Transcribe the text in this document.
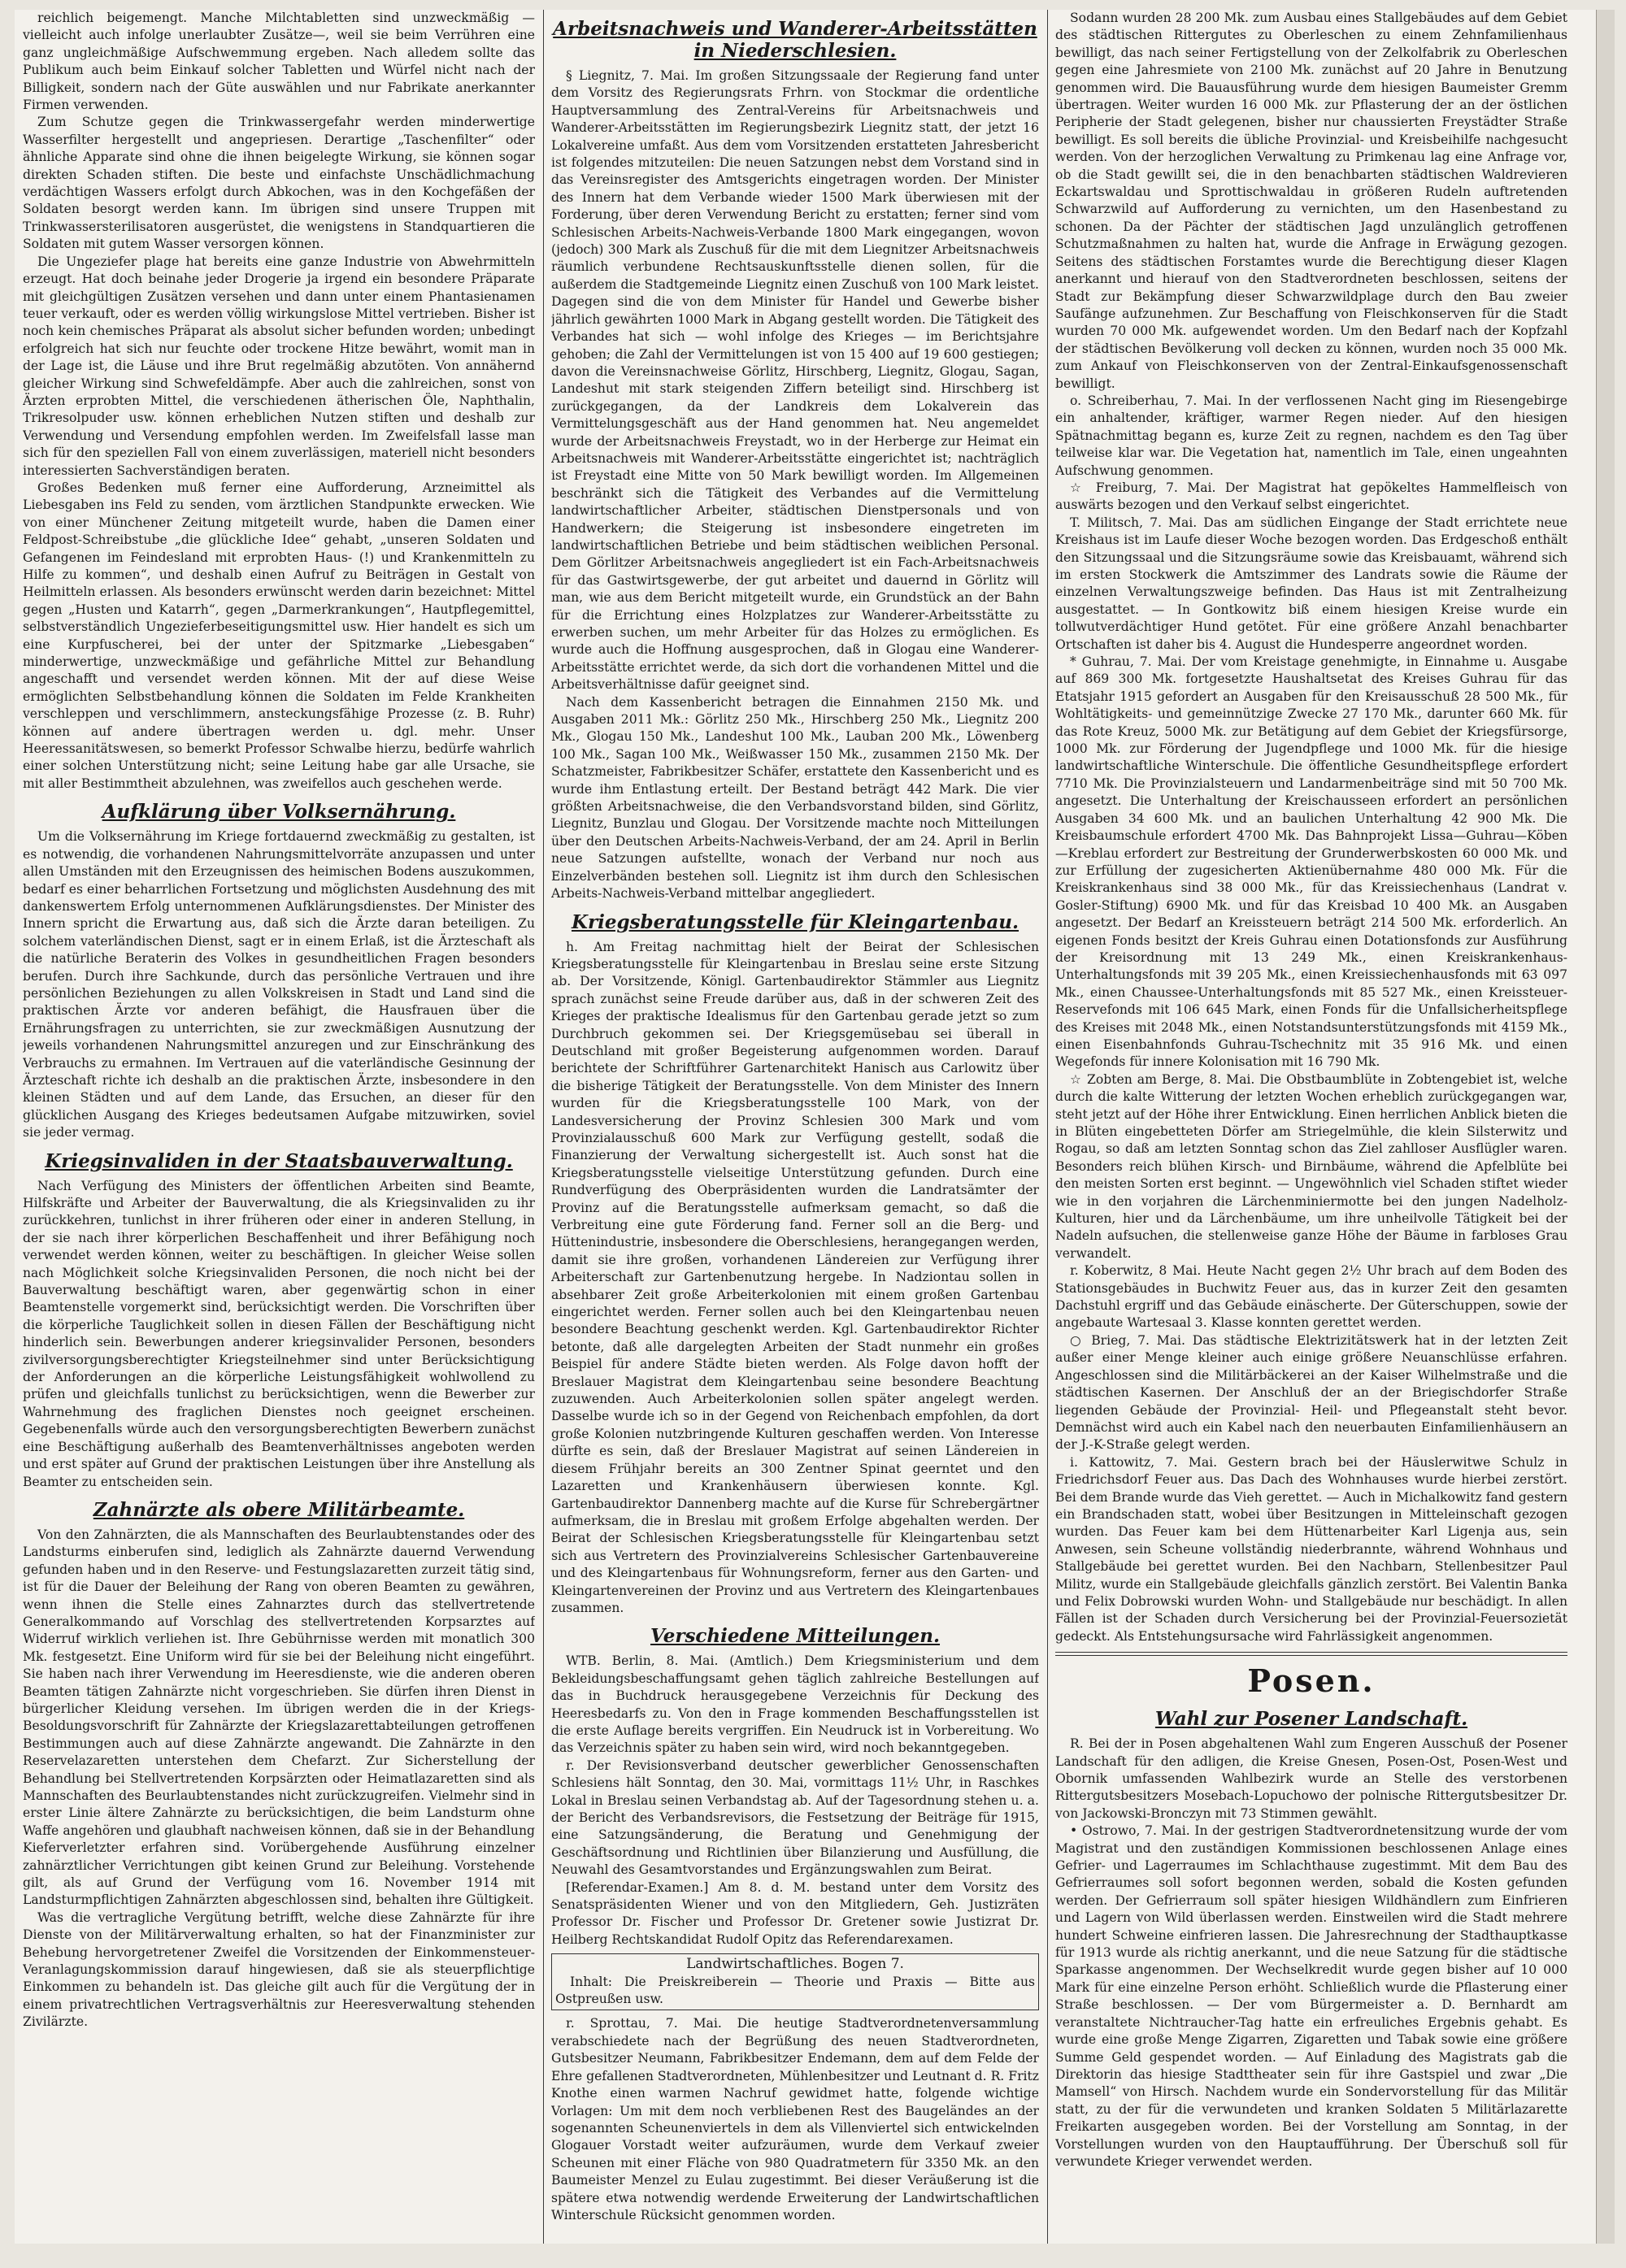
reichlich beigemengt. Manche Milchtabletten sind unzweckmäßig — vielleicht auch infolge unerlaubter Zusätze—, weil sie beim Verrühren eine ganz ungleichmäßige Aufschwemmung ergeben. Nach alledem sollte das Publikum auch beim Einkauf solcher Tabletten und Würfel nicht nach der Billigkeit, sondern nach der Güte auswählen und nur Fabrikate anerkannter Firmen verwenden.

Zum Schutze gegen die Trinkwassergefahr werden minderwertige Wasserfilter hergestellt und angepriesen. Derartige „Taschenfilter“ oder ähnliche Apparate sind ohne die ihnen beigelegte Wirkung, sie können sogar direkten Schaden stiften. Die beste und einfachste Unschädlichmachung verdächtigen Wassers erfolgt durch Abkochen, was in den Kochgefäßen der Soldaten besorgt werden kann. Im übrigen sind unsere Truppen mit Trinkwassersterilisatoren ausgerüstet, die wenigstens in Standquartieren die Soldaten mit gutem Wasser versorgen können.

Die Ungeziefer plage hat bereits eine ganze Industrie von Abwehrmitteln erzeugt. Hat doch beinahe jeder Drogerie ja irgend ein besondere Präparate mit gleichgültigen Zusätzen versehen und dann unter einem Phantasienamen teuer verkauft, oder es werden völlig wirkungslose Mittel vertrieben. Bisher ist noch kein chemisches Präparat als absolut sicher befunden worden; unbedingt erfolgreich hat sich nur feuchte oder trockene Hitze bewährt, womit man in der Lage ist, die Läuse und ihre Brut regelmäßig abzutöten. Von annähernd gleicher Wirkung sind Schwefeldämpfe. Aber auch die zahlreichen, sonst von Ärzten erprobten Mittel, die verschiedenen ätherischen Öle, Naphthalin, Trikresolpuder usw. können erheblichen Nutzen stiften und deshalb zur Verwendung und Versendung empfohlen werden. Im Zweifelsfall lasse man sich für den speziellen Fall von einem zuverlässigen, materiell nicht besonders interessierten Sachverständigen beraten.

Großes Bedenken muß ferner eine Aufforderung, Arzneimittel als Liebesgaben ins Feld zu senden, vom ärztlichen Standpunkte erwecken. Wie von einer Münchener Zeitung mitgeteilt wurde, haben die Damen einer Feldpost-Schreibstube „die glückliche Idee“ gehabt, „unseren Soldaten und Gefangenen im Feindesland mit erprobten Haus- (!) und Krankenmitteln zu Hilfe zu kommen“, und deshalb einen Aufruf zu Beiträgen in Gestalt von Heilmitteln erlassen. Als besonders erwünscht werden darin bezeichnet: Mittel gegen „Husten und Katarrh“, gegen „Darmerkrankungen“, Hautpflegemittel, selbstverständlich Ungezieferbeseitigungsmittel usw. Hier handelt es sich um eine Kurpfuscherei, bei der unter der Spitzmarke „Liebesgaben“ minderwertige, unzweckmäßige und gefährliche Mittel zur Behandlung angeschafft und versendet werden können. Mit der auf diese Weise ermöglichten Selbstbehandlung können die Soldaten im Felde Krankheiten verschleppen und verschlimmern, ansteckungsfähige Prozesse (z. B. Ruhr) können auf andere übertragen werden u. dgl. mehr. Unser Heeressanitätswesen, so bemerkt Professor Schwalbe hierzu, bedürfe wahrlich einer solchen Unterstützung nicht; seine Leitung habe gar alle Ursache, sie mit aller Bestimmtheit abzulehnen, was zweifellos auch geschehen werde.

Aufklärung über Volksernährung.

Um die Volksernährung im Kriege fortdauernd zweckmäßig zu gestalten, ist es notwendig, die vorhandenen Nahrungsmittelvorräte anzupassen und unter allen Umständen mit den Erzeugnissen des heimischen Bodens auszukommen, bedarf es einer beharrlichen Fortsetzung und möglichsten Ausdehnung des mit dankenswertem Erfolg unternommenen Aufklärungsdienstes. Der Minister des Innern spricht die Erwartung aus, daß sich die Ärzte daran beteiligen. Zu solchem vaterländischen Dienst, sagt er in einem Erlaß, ist die Ärzteschaft als die natürliche Beraterin des Volkes in gesundheitlichen Fragen besonders berufen. Durch ihre Sachkunde, durch das persönliche Vertrauen und ihre persönlichen Beziehungen zu allen Volkskreisen in Stadt und Land sind die praktischen Ärzte vor anderen befähigt, die Hausfrauen über die Ernährungsfragen zu unterrichten, sie zur zweckmäßigen Ausnutzung der jeweils vorhandenen Nahrungsmittel anzuregen und zur Einschränkung des Verbrauchs zu ermahnen. Im Vertrauen auf die vaterländische Gesinnung der Ärzteschaft richte ich deshalb an die praktischen Ärzte, insbesondere in den kleinen Städten und auf dem Lande, das Ersuchen, an dieser für den glücklichen Ausgang des Krieges bedeutsamen Aufgabe mitzuwirken, soviel sie jeder vermag.

Kriegsinvaliden in der Staatsbauverwaltung.

Nach Verfügung des Ministers der öffentlichen Arbeiten sind Beamte, Hilfskräfte und Arbeiter der Bauverwaltung, die als Kriegsinvaliden zu ihr zurückkehren, tunlichst in ihrer früheren oder einer in anderen Stellung, in der sie nach ihrer körperlichen Beschaffenheit und ihrer Befähigung noch verwendet werden können, weiter zu beschäftigen. In gleicher Weise sollen nach Möglichkeit solche Kriegsinvaliden Personen, die noch nicht bei der Bauverwaltung beschäftigt waren, aber gegenwärtig schon in einer Beamtenstelle vorgemerkt sind, berücksichtigt werden. Die Vorschriften über die körperliche Tauglichkeit sollen in diesen Fällen der Beschäftigung nicht hinderlich sein. Bewerbungen anderer kriegsinvalider Personen, besonders zivilversorgungsberechtigter Kriegsteilnehmer sind unter Berücksichtigung der Anforderungen an die körperliche Leistungsfähigkeit wohlwollend zu prüfen und gleichfalls tunlichst zu berücksichtigen, wenn die Bewerber zur Wahrnehmung des fraglichen Dienstes noch geeignet erscheinen. Gegebenenfalls würde auch den versorgungsberechtigten Bewerbern zunächst eine Beschäftigung außerhalb des Beamtenverhältnisses angeboten werden und erst später auf Grund der praktischen Leistungen über ihre Anstellung als Beamter zu entscheiden sein.

Zahnärzte als obere Militärbeamte.

Von den Zahnärzten, die als Mannschaften des Beurlaubtenstandes oder des Landsturms einberufen sind, lediglich als Zahnärzte dauernd Verwendung gefunden haben und in den Reserve- und Festungslazaretten zurzeit tätig sind, ist für die Dauer der Beleihung der Rang von oberen Beamten zu gewähren, wenn ihnen die Stelle eines Zahnarztes durch das stellvertretende Generalkommando auf Vorschlag des stellvertretenden Korpsarztes auf Widerruf wirklich verliehen ist. Ihre Gebührnisse werden mit monatlich 300 Mk. festgesetzt. Eine Uniform wird für sie bei der Beleihung nicht eingeführt. Sie haben nach ihrer Verwendung im Heeresdienste, wie die anderen oberen Beamten tätigen Zahnärzte nicht vorgeschrieben. Sie dürfen ihren Dienst in bürgerlicher Kleidung versehen. Im übrigen werden die in der Kriegs-Besoldungsvorschrift für Zahnärzte der Kriegslazarettabteilungen getroffenen Bestimmungen auch auf diese Zahnärzte angewandt. Die Zahnärzte in den Reservelazaretten unterstehen dem Chefarzt. Zur Sicherstellung der Behandlung bei Stellvertretenden Korpsärzten oder Heimatlazaretten sind als Mannschaften des Beurlaubtenstandes nicht zurückzugreifen. Vielmehr sind in erster Linie ältere Zahnärzte zu berücksichtigen, die beim Landsturm ohne Waffe angehören und glaubhaft nachweisen können, daß sie in der Behandlung Kieferverletzter erfahren sind. Vorübergehende Ausführung einzelner zahnärztlicher Verrichtungen gibt keinen Grund zur Beleihung. Vorstehende gilt, als auf Grund der Verfügung vom 16. November 1914 mit Landsturmpflichtigen Zahnärzten abgeschlossen sind, behalten ihre Gültigkeit.

Was die vertragliche Vergütung betrifft, welche diese Zahnärzte für ihre Dienste von der Militärverwaltung erhalten, so hat der Finanzminister zur Behebung hervorgetretener Zweifel die Vorsitzenden der Einkommensteuer-Veranlagungskommission darauf hingewiesen, daß sie als steuerpflichtige Einkommen zu behandeln ist. Das gleiche gilt auch für die Vergütung der in einem privatrechtlichen Vertragsverhältnis zur Heeresverwaltung stehenden Zivilärzte.

Arbeitsnachweis und Wanderer-Arbeitsstätten in Niederschlesien.

§ Liegnitz, 7. Mai. Im großen Sitzungssaale der Regierung fand unter dem Vorsitz des Regierungsrats Frhrn. von Stockmar die ordentliche Hauptversammlung des Zentral-Vereins für Arbeitsnachweis und Wanderer-Arbeitsstätten im Regierungsbezirk Liegnitz statt, der jetzt 16 Lokalvereine umfaßt. Aus dem vom Vorsitzenden erstatteten Jahresbericht ist folgendes mitzuteilen: Die neuen Satzungen nebst dem Vorstand sind in das Vereinsregister des Amtsgerichts eingetragen worden. Der Minister des Innern hat dem Verbande wieder 1500 Mark überwiesen mit der Forderung, über deren Verwendung Bericht zu erstatten; ferner sind vom Schlesischen Arbeits-Nachweis-Verbande 1800 Mark eingegangen, wovon (jedoch) 300 Mark als Zuschuß für die mit dem Liegnitzer Arbeitsnachweis räumlich verbundene Rechtsauskunftsstelle dienen sollen, für die außerdem die Stadtgemeinde Liegnitz einen Zuschuß von 100 Mark leistet. Dagegen sind die von dem Minister für Handel und Gewerbe bisher jährlich gewährten 1000 Mark in Abgang gestellt worden. Die Tätigkeit des Verbandes hat sich — wohl infolge des Krieges — im Berichtsjahre gehoben; die Zahl der Vermittelungen ist von 15 400 auf 19 600 gestiegen; davon die Vereinsnachweise Görlitz, Hirschberg, Liegnitz, Glogau, Sagan, Landeshut mit stark steigenden Ziffern beteiligt sind. Hirschberg ist zurückgegangen, da der Landkreis dem Lokalverein das Vermittelungsgeschäft aus der Hand genommen hat. Neu angemeldet wurde der Arbeitsnachweis Freystadt, wo in der Herberge zur Heimat ein Arbeitsnachweis mit Wanderer-Arbeitsstätte eingerichtet ist; nachträglich ist Freystadt eine Mitte von 50 Mark bewilligt worden. Im Allgemeinen beschränkt sich die Tätigkeit des Verbandes auf die Vermittelung landwirtschaftlicher Arbeiter, städtischen Dienstpersonals und von Handwerkern; die Steigerung ist insbesondere eingetreten im landwirtschaftlichen Betriebe und beim städtischen weiblichen Personal. Dem Görlitzer Arbeitsnachweis angegliedert ist ein Fach-Arbeitsnachweis für das Gastwirtsgewerbe, der gut arbeitet und dauernd in Görlitz will man, wie aus dem Bericht mitgeteilt wurde, ein Grundstück an der Bahn für die Errichtung eines Holzplatzes zur Wanderer-Arbeitsstätte zu erwerben suchen, um mehr Arbeiter für das Holzes zu ermöglichen. Es wurde auch die Hoffnung ausgesprochen, daß in Glogau eine Wanderer-Arbeitsstätte errichtet werde, da sich dort die vorhandenen Mittel und die Arbeitsverhältnisse dafür geeignet sind.

Nach dem Kassenbericht betragen die Einnahmen 2150 Mk. und Ausgaben 2011 Mk.: Görlitz 250 Mk., Hirschberg 250 Mk., Liegnitz 200 Mk., Glogau 150 Mk., Landeshut 100 Mk., Lauban 200 Mk., Löwenberg 100 Mk., Sagan 100 Mk., Weißwasser 150 Mk., zusammen 2150 Mk. Der Schatzmeister, Fabrikbesitzer Schäfer, erstattete den Kassenbericht und es wurde ihm Entlastung erteilt. Der Bestand beträgt 442 Mark. Die vier größten Arbeitsnachweise, die den Verbandsvorstand bilden, sind Görlitz, Liegnitz, Bunzlau und Glogau. Der Vorsitzende machte noch Mitteilungen über den Deutschen Arbeits-Nachweis-Verband, der am 24. April in Berlin neue Satzungen aufstellte, wonach der Verband nur noch aus Einzelverbänden bestehen soll. Liegnitz ist ihm durch den Schlesischen Arbeits-Nachweis-Verband mittelbar angegliedert.

Kriegsberatungsstelle für Kleingartenbau.

h. Am Freitag nachmittag hielt der Beirat der Schlesischen Kriegsberatungsstelle für Kleingartenbau in Breslau seine erste Sitzung ab. Der Vorsitzende, Königl. Gartenbaudirektor Stämmler aus Liegnitz sprach zunächst seine Freude darüber aus, daß in der schweren Zeit des Krieges der praktische Idealismus für den Gartenbau gerade jetzt so zum Durchbruch gekommen sei. Der Kriegsgemüsebau sei überall in Deutschland mit großer Begeisterung aufgenommen worden. Darauf berichtete der Schriftführer Gartenarchitekt Hanisch aus Carlowitz über die bisherige Tätigkeit der Beratungsstelle. Von dem Minister des Innern wurden für die Kriegsberatungsstelle 100 Mark, von der Landesversicherung der Provinz Schlesien 300 Mark und vom Provinzialausschuß 600 Mark zur Verfügung gestellt, sodaß die Finanzierung der Verwaltung sichergestellt ist. Auch sonst hat die Kriegsberatungsstelle vielseitige Unterstützung gefunden. Durch eine Rundverfügung des Oberpräsidenten wurden die Landratsämter der Provinz auf die Beratungsstelle aufmerksam gemacht, so daß die Verbreitung eine gute Förderung fand. Ferner soll an die Berg- und Hüttenindustrie, insbesondere die Oberschlesiens, herangegangen werden, damit sie ihre großen, vorhandenen Ländereien zur Verfügung ihrer Arbeiterschaft zur Gartenbenutzung hergebe. In Nadziontau sollen in absehbarer Zeit große Arbeiterkolonien mit einem großen Gartenbau eingerichtet werden. Ferner sollen auch bei den Kleingartenbau neuen besondere Beachtung geschenkt werden. Kgl. Gartenbaudirektor Richter betonte, daß alle dargelegten Arbeiten der Stadt nunmehr ein großes Beispiel für andere Städte bieten werden. Als Folge davon hofft der Breslauer Magistrat dem Kleingartenbau seine besondere Beachtung zuzuwenden. Auch Arbeiterkolonien sollen später angelegt werden. Dasselbe wurde ich so in der Gegend von Reichenbach empfohlen, da dort große Kolonien nutzbringende Kulturen geschaffen werden. Von Interesse dürfte es sein, daß der Breslauer Magistrat auf seinen Ländereien in diesem Frühjahr bereits an 300 Zentner Spinat geerntet und den Lazaretten und Krankenhäusern überwiesen konnte. Kgl. Gartenbaudirektor Dannenberg machte auf die Kurse für Schrebergärtner aufmerksam, die in Breslau mit großem Erfolge abgehalten werden. Der Beirat der Schlesischen Kriegsberatungsstelle für Kleingartenbau setzt sich aus Vertretern des Provinzialvereins Schlesischer Gartenbauvereine und des Kleingartenbaus für Wohnungsreform, ferner aus den Garten- und Kleingartenvereinen der Provinz und aus Vertretern des Kleingartenbaues zusammen.

Verschiedene Mitteilungen.

WTB. Berlin, 8. Mai. (Amtlich.) Dem Kriegsministerium und dem Bekleidungsbeschaffungsamt gehen täglich zahlreiche Bestellungen auf das in Buchdruck herausgegebene Verzeichnis für Deckung des Heeresbedarfs zu. Von den in Frage kommenden Beschaffungsstellen ist die erste Auflage bereits vergriffen. Ein Neudruck ist in Vorbereitung. Wo das Verzeichnis später zu haben sein wird, wird noch bekanntgegeben.

r. Der Revisionsverband deutscher gewerblicher Genossenschaften Schlesiens hält Sonntag, den 30. Mai, vormittags 11½ Uhr, in Raschkes Lokal in Breslau seinen Verbandstag ab. Auf der Tagesordnung stehen u. a. der Bericht des Verbandsrevisors, die Festsetzung der Beiträge für 1915, eine Satzungsänderung, die Beratung und Genehmigung der Geschäftsordnung und Richtlinien über Bilanzierung und Ausfüllung, die Neuwahl des Gesamtvorstandes und Ergänzungswahlen zum Beirat.

[Referendar-Examen.] Am 8. d. M. bestand unter dem Vorsitz des Senatspräsidenten Wiener und von den Mitgliedern, Geh. Justizräten Professor Dr. Fischer und Professor Dr. Gretener sowie Justizrat Dr. Heilberg Rechtskandidat Rudolf Opitz das Referendarexamen.

Landwirtschaftliches. Bogen 7.

Inhalt: Die Preiskreiberein — Theorie und Praxis — Bitte aus Ostpreußen usw.

r. Sprottau, 7. Mai. Die heutige Stadtverordnetenversammlung verabschiedete nach der Begrüßung des neuen Stadtverordneten, Gutsbesitzer Neumann, Fabrikbesitzer Endemann, dem auf dem Felde der Ehre gefallenen Stadtverordneten, Mühlenbesitzer und Leutnant d. R. Fritz Knothe einen warmen Nachruf gewidmet hatte, folgende wichtige Vorlagen: Um mit dem noch verbliebenen Rest des Baugeländes an der sogenannten Scheunenviertels in dem als Villenviertel sich entwickelnden Glogauer Vorstadt weiter aufzuräumen, wurde dem Verkauf zweier Scheunen mit einer Fläche von 980 Quadratmetern für 3350 Mk. an den Baumeister Menzel zu Eulau zugestimmt. Bei dieser Veräußerung ist die spätere etwa notwendig werdende Erweiterung der Landwirtschaftlichen Winterschule Rücksicht genommen worden.

Sodann wurden 28 200 Mk. zum Ausbau eines Stallgebäudes auf dem Gebiet des städtischen Rittergutes zu Oberleschen zu einem Zehnfamilienhaus bewilligt, das nach seiner Fertigstellung von der Zelkolfabrik zu Oberleschen gegen eine Jahresmiete von 2100 Mk. zunächst auf 20 Jahre in Benutzung genommen wird. Die Bauausführung wurde dem hiesigen Baumeister Gremm übertragen. Weiter wurden 16 000 Mk. zur Pflasterung der an der östlichen Peripherie der Stadt gelegenen, bisher nur chaussierten Freystädter Straße bewilligt. Es soll bereits die übliche Provinzial- und Kreisbeihilfe nachgesucht werden. Von der herzoglichen Verwaltung zu Primkenau lag eine Anfrage vor, ob die Stadt gewillt sei, die in den benachbarten städtischen Waldrevieren Eckartswaldau und Sprottischwaldau in größeren Rudeln auftretenden Schwarzwild auf Aufforderung zu vernichten, um den Hasenbestand zu schonen. Da der Pächter der städtischen Jagd unzulänglich getroffenen Schutzmaßnahmen zu halten hat, wurde die Anfrage in Erwägung gezogen. Seitens des städtischen Forstamtes wurde die Berechtigung dieser Klagen anerkannt und hierauf von den Stadtverordneten beschlossen, seitens der Stadt zur Bekämpfung dieser Schwarzwildplage durch den Bau zweier Saufänge aufzunehmen. Zur Beschaffung von Fleischkonserven für die Stadt wurden 70 000 Mk. aufgewendet worden. Um den Bedarf nach der Kopfzahl der städtischen Bevölkerung voll decken zu können, wurden noch 35 000 Mk. zum Ankauf von Fleischkonserven von der Zentral-Einkaufsgenossenschaft bewilligt.

o. Schreiberhau, 7. Mai. In der verflossenen Nacht ging im Riesengebirge ein anhaltender, kräftiger, warmer Regen nieder. Auf den hiesigen Spätnachmittag begann es, kurze Zeit zu regnen, nachdem es den Tag über teilweise klar war. Die Vegetation hat, namentlich im Tale, einen ungeahnten Aufschwung genommen.

☆ Freiburg, 7. Mai. Der Magistrat hat gepökeltes Hammelfleisch von auswärts bezogen und den Verkauf selbst eingerichtet.

T. Militsch, 7. Mai. Das am südlichen Eingange der Stadt errichtete neue Kreishaus ist im Laufe dieser Woche bezogen worden. Das Erdgeschoß enthält den Sitzungssaal und die Sitzungsräume sowie das Kreisbauamt, während sich im ersten Stockwerk die Amtszimmer des Landrats sowie die Räume der einzelnen Verwaltungszweige befinden. Das Haus ist mit Zentralheizung ausgestattet. — In Gontkowitz biß einem hiesigen Kreise wurde ein tollwutverdächtiger Hund getötet. Für eine größere Anzahl benachbarter Ortschaften ist daher bis 4. August die Hundesperre angeordnet worden.

* Guhrau, 7. Mai. Der vom Kreistage genehmigte, in Einnahme u. Ausgabe auf 869 300 Mk. fortgesetzte Haushaltsetat des Kreises Guhrau für das Etatsjahr 1915 gefordert an Ausgaben für den Kreisausschuß 28 500 Mk., für Wohltätigkeits- und gemeinnützige Zwecke 27 170 Mk., darunter 660 Mk. für das Rote Kreuz, 5000 Mk. zur Betätigung auf dem Gebiet der Kriegsfürsorge, 1000 Mk. zur Förderung der Jugendpflege und 1000 Mk. für die hiesige landwirtschaftliche Winterschule. Die öffentliche Gesundheitspflege erfordert 7710 Mk. Die Provinzialsteuern und Landarmenbeiträge sind mit 50 700 Mk. angesetzt. Die Unterhaltung der Kreischausseen erfordert an persönlichen Ausgaben 34 600 Mk. und an baulichen Unterhaltung 42 900 Mk. Die Kreisbaumschule erfordert 4700 Mk. Das Bahnprojekt Lissa—Guhrau—Köben—Kreblau erfordert zur Bestreitung der Grunderwerbskosten 60 000 Mk. und zur Erfüllung der zugesicherten Aktienübernahme 480 000 Mk. Für die Kreiskrankenhaus sind 38 000 Mk., für das Kreissiechenhaus (Landrat v. Gosler-Stiftung) 6900 Mk. und für das Kreisbad 10 400 Mk. an Ausgaben angesetzt. Der Bedarf an Kreissteuern beträgt 214 500 Mk. erforderlich. An eigenen Fonds besitzt der Kreis Guhrau einen Dotationsfonds zur Ausführung der Kreisordnung mit 13 249 Mk., einen Kreiskrankenhaus-Unterhaltungsfonds mit 39 205 Mk., einen Kreissiechenhausfonds mit 63 097 Mk., einen Chaussee-Unterhaltungsfonds mit 85 527 Mk., einen Kreissteuer-Reservefonds mit 106 645 Mark, einen Fonds für die Unfallsicherheitspflege des Kreises mit 2048 Mk., einen Notstandsunterstützungsfonds mit 4159 Mk., einen Eisenbahnfonds Guhrau-Tschechnitz mit 35 916 Mk. und einen Wegefonds für innere Kolonisation mit 16 790 Mk.

☆ Zobten am Berge, 8. Mai. Die Obstbaumblüte in Zobtengebiet ist, welche durch die kalte Witterung der letzten Wochen erheblich zurückgegangen war, steht jetzt auf der Höhe ihrer Entwicklung. Einen herrlichen Anblick bieten die in Blüten eingebetteten Dörfer am Striegelmühle, die klein Silsterwitz und Rogau, so daß am letzten Sonntag schon das Ziel zahlloser Ausflügler waren. Besonders reich blühen Kirsch- und Birnbäume, während die Apfelblüte bei den meisten Sorten erst beginnt. — Ungewöhnlich viel Schaden stiftet wieder wie in den vorjahren die Lärchenminiermotte bei den jungen Nadelholz-Kulturen, hier und da Lärchenbäume, um ihre unheilvolle Tätigkeit bei der Nadeln aufsuchen, die stellenweise ganze Höhe der Bäume in farbloses Grau verwandelt.

r. Koberwitz, 8 Mai. Heute Nacht gegen 2½ Uhr brach auf dem Boden des Stationsgebäudes in Buchwitz Feuer aus, das in kurzer Zeit den gesamten Dachstuhl ergriff und das Gebäude einäscherte. Der Güterschuppen, sowie der angebaute Wartesaal 3. Klasse konnten gerettet werden.

○ Brieg, 7. Mai. Das städtische Elektrizitätswerk hat in der letzten Zeit außer einer Menge kleiner auch einige größere Neuanschlüsse erfahren. Angeschlossen sind die Militärbäckerei an der Kaiser Wilhelmstraße und die städtischen Kasernen. Der Anschluß der an der Briegischdorfer Straße liegenden Gebäude der Provinzial- Heil- und Pflegeanstalt steht bevor. Demnächst wird auch ein Kabel nach den neuerbauten Einfamilienhäusern an der J.-K-Straße gelegt werden.

i. Kattowitz, 7. Mai. Gestern brach bei der Häuslerwitwe Schulz in Friedrichsdorf Feuer aus. Das Dach des Wohnhauses wurde hierbei zerstört. Bei dem Brande wurde das Vieh gerettet. — Auch in Michalkowitz fand gestern ein Brandschaden statt, wobei über Besitzungen in Mitteleinschaft gezogen wurden. Das Feuer kam bei dem Hüttenarbeiter Karl Ligenja aus, sein Anwesen, sein Scheune vollständig niederbrannte, während Wohnhaus und Stallgebäude bei gerettet wurden. Bei den Nachbarn, Stellenbesitzer Paul Militz, wurde ein Stallgebäude gleichfalls gänzlich zerstört. Bei Valentin Banka und Felix Dobrowski wurden Wohn- und Stallgebäude nur beschädigt. In allen Fällen ist der Schaden durch Versicherung bei der Provinzial-Feuersozietät gedeckt. Als Entstehungsursache wird Fahrlässigkeit angenommen.

Posen.
Wahl zur Posener Landschaft.

R. Bei der in Posen abgehaltenen Wahl zum Engeren Ausschuß der Posener Landschaft für den adligen, die Kreise Gnesen, Posen-Ost, Posen-West und Obornik umfassenden Wahlbezirk wurde an Stelle des verstorbenen Rittergutsbesitzers Mosebach-Lopuchowo der polnische Rittergutsbesitzer Dr. von Jackowski-Bronczyn mit 73 Stimmen gewählt.

• Ostrowo, 7. Mai. In der gestrigen Stadtverordnetensitzung wurde der vom Magistrat und den zuständigen Kommissionen beschlossenen Anlage eines Gefrier- und Lagerraumes im Schlachthause zugestimmt. Mit dem Bau des Gefrierraumes soll sofort begonnen werden, sobald die Kosten gefunden werden. Der Gefrierraum soll später hiesigen Wildhändlern zum Einfrieren und Lagern von Wild überlassen werden. Einstweilen wird die Stadt mehrere hundert Schweine einfrieren lassen. Die Jahresrechnung der Stadthauptkasse für 1913 wurde als richtig anerkannt, und die neue Satzung für die städtische Sparkasse angenommen. Der Wechselkredit wurde gegen bisher auf 10 000 Mark für eine einzelne Person erhöht. Schließlich wurde die Pflasterung einer Straße beschlossen. — Der vom Bürgermeister a. D. Bernhardt am veranstaltete Nichtraucher-Tag hatte ein erfreuliches Ergebnis gehabt. Es wurde eine große Menge Zigarren, Zigaretten und Tabak sowie eine größere Summe Geld gespendet worden. — Auf Einladung des Magistrats gab die Direktorin das hiesige Stadttheater sein für ihre Gastspiel und zwar „Die Mamsell“ von Hirsch. Nachdem wurde ein Sondervorstellung für das Militär statt, zu der für die verwundeten und kranken Soldaten 5 Militärlazarette Freikarten ausgegeben worden. Bei der Vorstellung am Sonntag, in der Vorstellungen wurden von den Hauptaufführung. Der Überschuß soll für verwundete Krieger verwendet werden.
